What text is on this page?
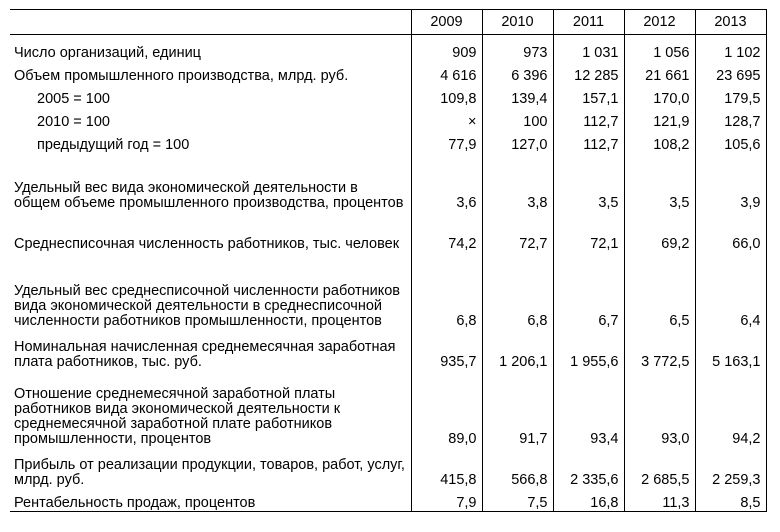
	2009	2010	2011	2012	2013
Число организаций, единиц	909	973	1 031	1 056	1 102
Объем промышленного производства, млрд. руб.	4 616	6 396	12 285	21 661	23 695
2005 = 100	109,8	139,4	157,1	170,0	179,5
2010 = 100	×	100	112,7	121,9	128,7
предыдущий год = 100	77,9	127,0	112,7	108,2	105,6
Удельный вес вида экономической деятельности в общем объеме промышленного производства, процентов	3,6	3,8	3,5	3,5	3,9
Среднесписочная численность работников, тыс. человек	74,2	72,7	72,1	69,2	66,0
Удельный вес среднесписочной численности работников вида экономической деятельности в среднесписочной численности работников промышленности, процентов	6,8	6,8	6,7	6,5	6,4
Номинальная начисленная среднемесячная заработная плата работников, тыс. руб.	935,7	1 206,1	1 955,6	3 772,5	5 163,1
Отношение среднемесячной заработной платы работников вида экономической деятельности к среднемесячной заработной плате работников промышленности, процентов	89,0	91,7	93,4	93,0	94,2
Прибыль от реализации продукции, товаров, работ, услуг, млрд. руб.	415,8	566,8	2 335,6	2 685,5	2 259,3
Рентабельность продаж, процентов	7,9	7,5	16,8	11,3	8,5
